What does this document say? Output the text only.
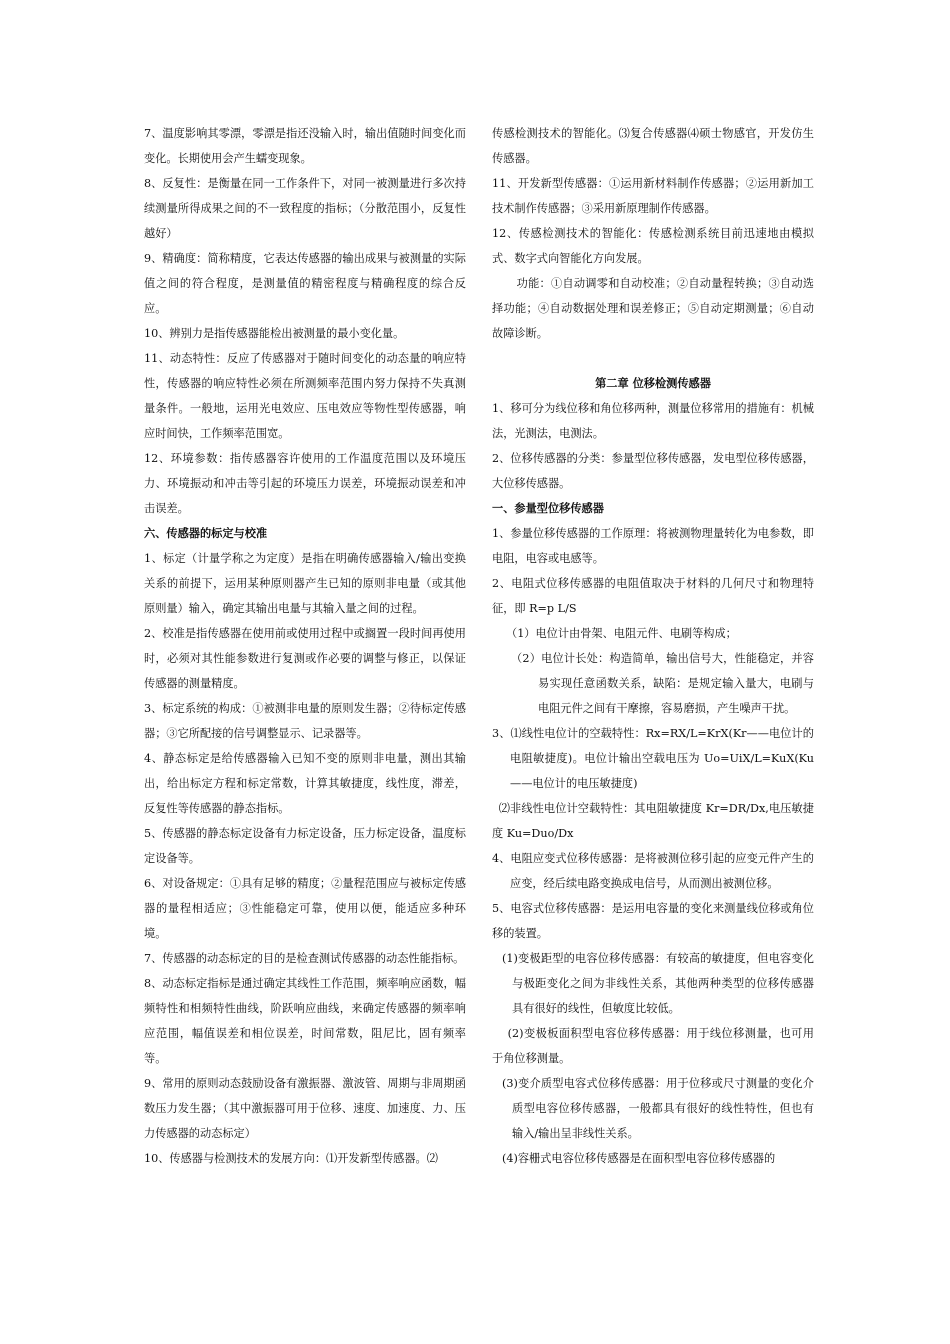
7、温度影响其零漂，零漂是指还没输入时，输出值随时间变化而变化。长期使用会产生蠕变现象。

8、反复性：是衡量在同一工作条件下，对同一被测量进行多次持续测量所得成果之间的不一致程度的指标；（分散范围小，反复性越好）

9、精确度：简称精度，它表达传感器的输出成果与被测量的实际值之间的符合程度，是测量值的精密程度与精确程度的综合反应。

10、辨别力是指传感器能检出被测量的最小变化量。

11、动态特性：反应了传感器对于随时间变化的动态量的响应特性，传感器的响应特性必须在所测频率范围内努力保持不失真测量条件。一般地，运用光电效应、压电效应等物性型传感器，响应时间快，工作频率范围宽。

12、环境参数：指传感器容许使用的工作温度范围以及环境压力、环境振动和冲击等引起的环境压力误差，环境振动误差和冲击误差。

六、传感器的标定与校准

1、标定（计量学称之为定度）是指在明确传感器输入/输出变换关系的前提下，运用某种原则器产生已知的原则非电量（或其他原则量）输入，确定其输出电量与其输入量之间的过程。

2、校准是指传感器在使用前或使用过程中或搁置一段时间再使用时，必须对其性能参数进行复测或作必要的调整与修正，以保证传感器的测量精度。

3、标定系统的构成：①被测非电量的原则发生器；②待标定传感器；③它所配接的信号调整显示、记录器等。

4、静态标定是给传感器输入已知不变的原则非电量，测出其输出，给出标定方程和标定常数，计算其敏捷度，线性度，滞差，反复性等传感器的静态指标。

5、传感器的静态标定设备有力标定设备，压力标定设备，温度标定设备等。

6、对设备规定：①具有足够的精度；②量程范围应与被标定传感器的量程相适应；③性能稳定可靠，使用以便，能适应多种环境。

7、传感器的动态标定的目的是检查测试传感器的动态性能指标。

8、动态标定指标是通过确定其线性工作范围，频率响应函数，幅频特性和相频特性曲线，阶跃响应曲线，来确定传感器的频率响应范围，幅值误差和相位误差，时间常数，阻尼比，固有频率等。

9、常用的原则动态鼓励设备有激振器、激波管、周期与非周期函数压力发生器；（其中激振器可用于位移、速度、加速度、力、压力传感器的动态标定）

10、传感器与检测技术的发展方向：⑴开发新型传感器。⑵

传感检测技术的智能化。⑶复合传感器⑷硕士物感官，开发仿生传感器。

11、开发新型传感器：①运用新材料制作传感器；②运用新加工技术制作传感器；③采用新原理制作传感器。

12、传感检测技术的智能化：传感检测系统目前迅速地由模拟式、数字式向智能化方向发展。

功能：①自动调零和自动校准；②自动量程转换；③自动选择功能；④自动数据处理和误差修正；⑤自动定期测量；⑥自动故障诊断。

第二章 位移检测传感器

1、移可分为线位移和角位移两种，测量位移常用的措施有：机械法，光测法，电测法。

2、位移传感器的分类：参量型位移传感器，发电型位移传感器，大位移传感器。

一、参量型位移传感器

1、参量位移传感器的工作原理：将被测物理量转化为电参数，即电阻，电容或电感等。

2、电阻式位移传感器的电阻值取决于材料的几何尺寸和物理特征，即 R=p L/S

（1）电位计由骨架、电阻元件、电刷等构成；

（2）电位计长处：构造简单，输出信号大，性能稳定，并容易实现任意函数关系，缺陷：是规定输入量大，电刷与电阻元件之间有干摩擦，容易磨损，产生噪声干扰。

3、⑴线性电位计的空载特性：Rx=RX/L=KrX(Kr——电位计的电阻敏捷度)。电位计输出空载电压为 Uo=UiX/L=KuX(Ku——电位计的电压敏捷度)

⑵非线性电位计空载特性：其电阻敏捷度 Kr=DR/Dx,电压敏捷度 Ku=Duo/Dx

4、电阻应变式位移传感器：是将被测位移引起的应变元件产生的应变，经后续电路变换成电信号，从而测出被测位移。

5、电容式位移传感器：是运用电容量的变化来测量线位移或角位移的装置。

(1)变极距型的电容位移传感器：有较高的敏捷度，但电容变化与极距变化之间为非线性关系，其他两种类型的位移传感器具有很好的线性，但敏度比较低。

(2)变极板面积型电容位移传感器：用于线位移测量，也可用于角位移测量。

(3)变介质型电容式位移传感器：用于位移或尺寸测量的变化介质型电容位移传感器，一般都具有很好的线性特性，但也有输入/输出呈非线性关系。

(4)容栅式电容位移传感器是在面积型电容位移传感器的
